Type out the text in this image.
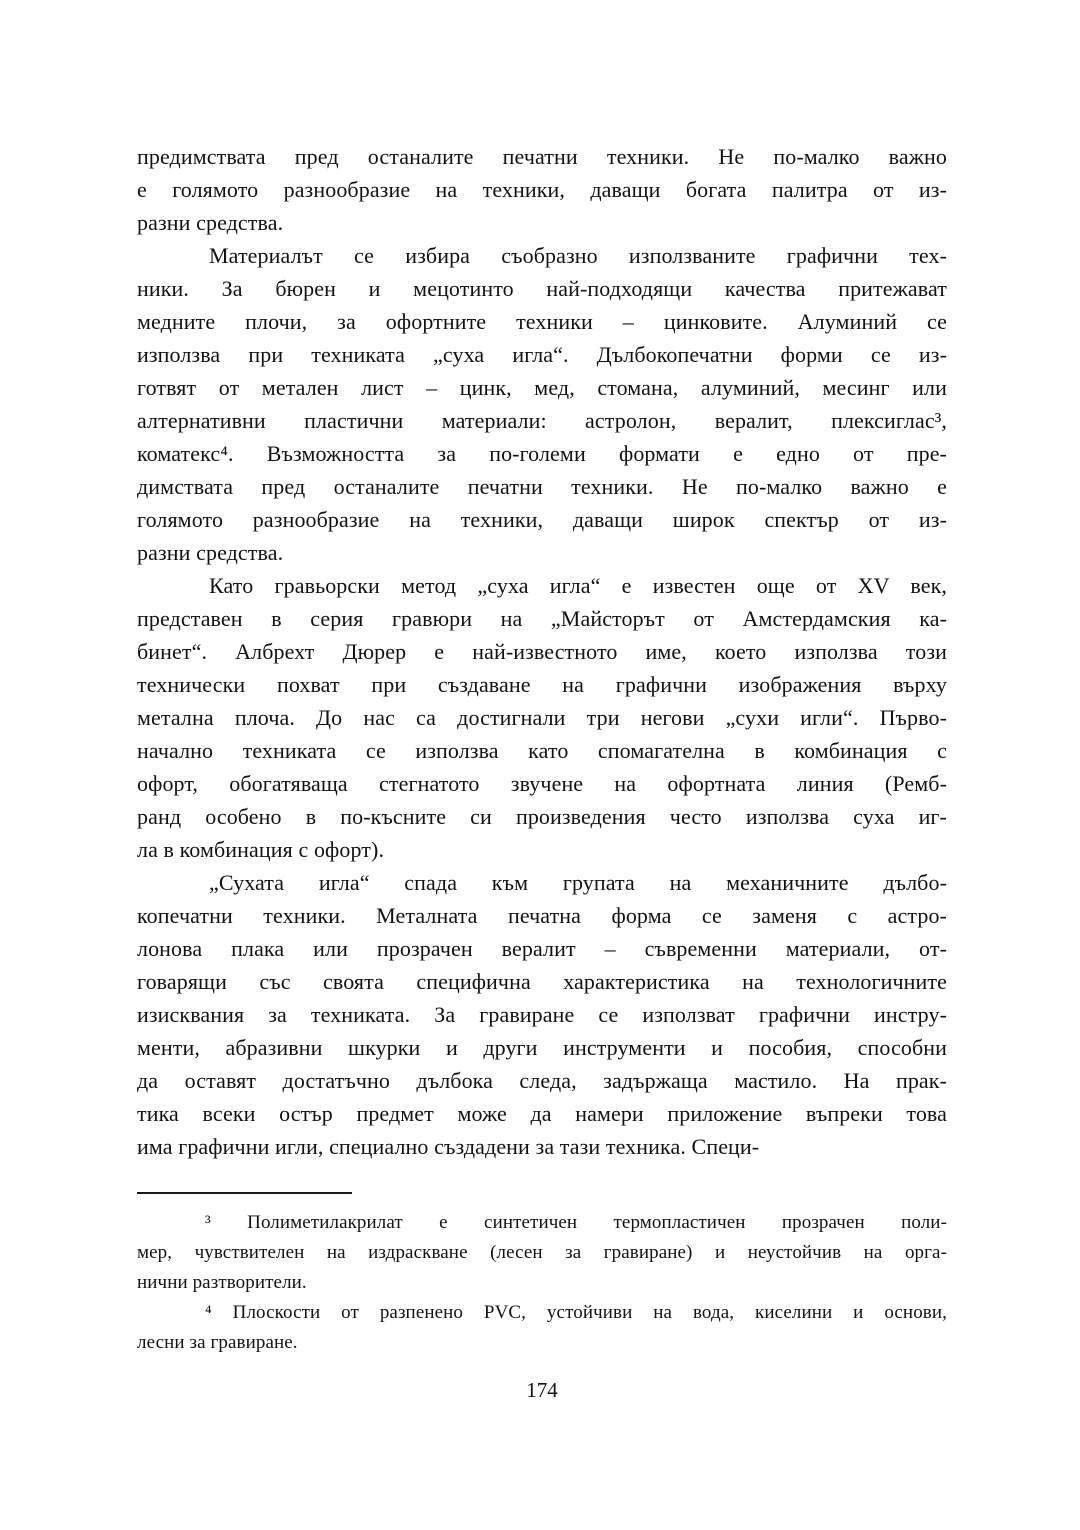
предимствата пред останалите печатни техники. Не по-малко важно
е голямото разнообразие на техники, даващи богата палитра от из-
разни средства.
Материалът се избира съобразно използваните графични тех-
ники. За бюрен и мецотинто най-подходящи качества притежават
медните плочи, за офортните техники – цинковите. Алуминий се
използва при техниката „суха игла“. Дълбокопечатни форми се из-
готвят от метален лист – цинк, мед, стомана, алуминий, месинг или
алтернативни пластични материали: астролон, вералит, плексиглас³,
коматекс⁴. Възможността за по-големи формати е едно от пре-
димствата пред останалите печатни техники. Не по-малко важно е
голямото разнообразие на техники, даващи широк спектър от из-
разни средства.
Като гравьорски метод „суха игла“ е известен още от XV век,
представен в серия гравюри на „Майсторът от Амстердамския ка-
бинет“. Албрехт Дюрер е най-известното име, което използва този
технически похват при създаване на графични изображения върху
метална плоча. До нас са достигнали три негови „сухи игли“. Първо-
начално техниката се използва като спомагателна в комбинация с
офорт, обогатяваща стегнатото звучене на офортната линия (Ремб-
ранд особено в по-късните си произведения често използва суха иг-
ла в комбинация с офорт).
„Сухата игла“ спада към групата на механичните дълбо-
копечатни техники. Металната печатна форма се заменя с астро-
лонова плака или прозрачен вералит – съвременни материали, от-
говарящи със своята специфична характеристика на технологичните
изисквания за техниката. За гравиране се използват графични инстру-
менти, абразивни шкурки и други инструменти и пособия, способни
да оставят достатъчно дълбока следа, задържаща мастило. На прак-
тика всеки остър предмет може да намери приложение въпреки това
има графични игли, специално създадени за тази техника. Специ-
³ Полиметилакрилат е синтетичен термопластичен прозрачен поли-
мер, чувствителен на издраскване (лесен за гравиране) и неустойчив на орга-
нични разтворители.
⁴ Плоскости от разпенено PVC, устойчиви на вода, киселини и основи,
лесни за гравиране.
174
